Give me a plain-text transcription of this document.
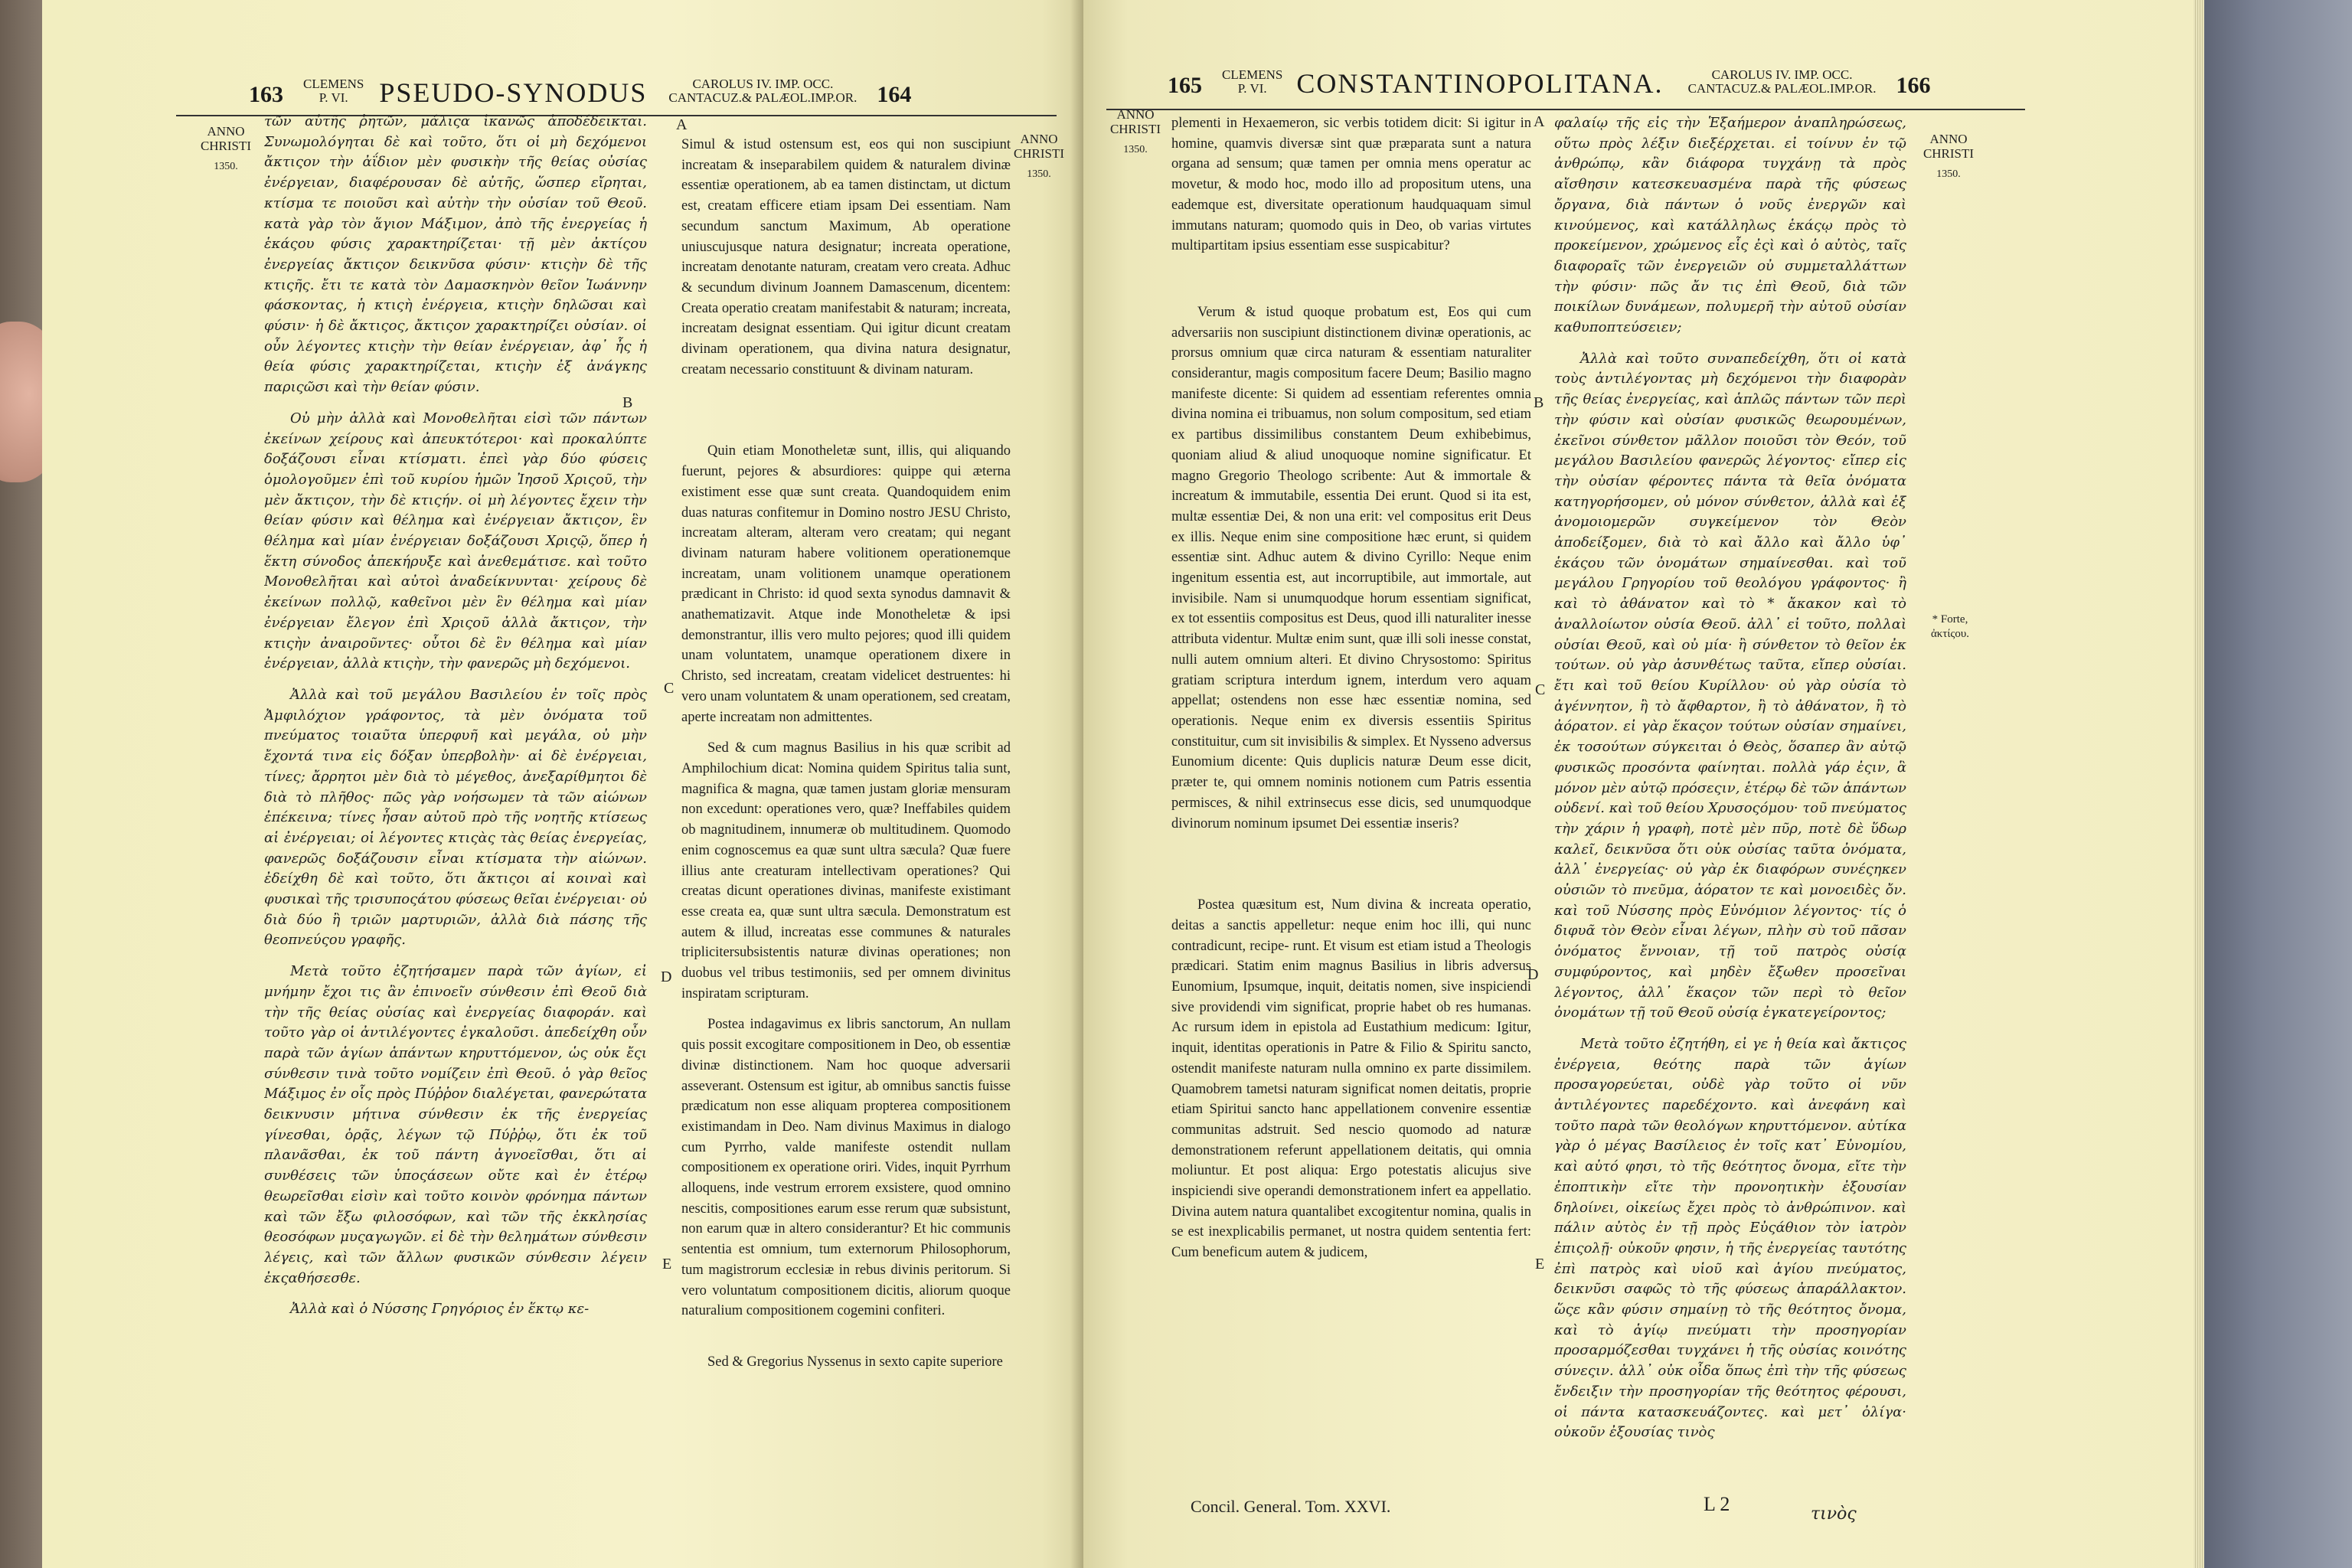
163 CLEMENS
P. VI. PSEUDO-SYNODUS	CAROLUS IV. IMP. OCC.
CANTACUZ.& PALÆOL.IMP.OR. 164
ANNO
CHRISTI
1350.
ANNO
CHRISTI
1350.

τῶν αὐτῆς ῥητῶν, μάλιςα ἱκανῶς ἀποδέδεικται. Συνωμολόγηται δὲ καὶ τοῦτο, ὅτι οἱ μὴ δεχόμενοι ἄκτιςον τὴν ἀΐδιον μὲν φυσικὴν τῆς θείας οὐσίας ἐνέργειαν, διαφέρουσαν δὲ αὐτῆς, ὥσπερ εἴρηται, κτίσμα τε ποιοῦσι καὶ αὐτὴν τὴν οὐσίαν τοῦ Θεοῦ. κατὰ γὰρ τὸν ἅγιον Μάξιμον, ἀπὸ τῆς ἐνεργείας ἡ ἑκάςου φύσις χαρακτηρίζεται· τῇ μὲν ἀκτίςου ἐνεργείας ἄκτιςον δεικνῦσα φύσιν· κτιςὴν δὲ τῆς κτιςῆς. ἔτι τε κατὰ τὸν Δαμασκηνὸν θεῖον Ἰωάννην φάσκοντας, ἡ κτιςὴ ἐνέργεια, κτιςὴν δηλῶσαι καὶ φύσιν· ἡ δὲ ἄκτιςος, ἄκτιςον χαρακτηρίζει οὐσίαν. οἱ οὖν λέγοντες κτιςὴν τὴν θείαν ἐνέργειαν, ἀφ᾽ ἧς ἡ θεία φύσις χαρακτηρίζεται, κτιςὴν ἐξ ἀνάγκης παριςῶσι καὶ τὴν θείαν φύσιν.

Οὐ μὴν ἀλλὰ καὶ Μονοθελῆται εἰσὶ τῶν πάντων ἐκείνων χείρους καὶ ἀπευκτότεροι· καὶ προκαλύπτε δοξάζουσι εἶναι κτίσματι. ἐπεὶ γὰρ δύο φύσεις ὁμολογοῦμεν ἐπὶ τοῦ κυρίου ἡμῶν Ἰησοῦ Χριςοῦ, τὴν μὲν ἄκτιςον, τὴν δὲ κτιςήν. οἱ μὴ λέγοντες ἔχειν τὴν θείαν φύσιν καὶ θέλημα καὶ ἐνέργειαν ἄκτιςον, ἓν θέλημα καὶ μίαν ἐνέργειαν δοξάζουσι Χριςῷ, ὅπερ ἡ ἕκτη σύνοδος ἀπεκήρυξε καὶ ἀνεθεμάτισε. καὶ τοῦτο Μονοθελῆται καὶ αὐτοὶ ἀναδείκνυνται· χείρους δὲ ἐκείνων πολλῷ, καθεῖνοι μὲν ἓν θέλημα καὶ μίαν ἐνέργειαν ἔλεγον ἐπὶ Χριςοῦ ἀλλὰ ἄκτιςον, τὴν κτιςὴν ἀναιροῦντες· οὗτοι δὲ ἓν θέλημα καὶ μίαν ἐνέργειαν, ἀλλὰ κτιςὴν, τὴν φανερῶς μὴ δεχόμενοι.

Ἀλλὰ καὶ τοῦ μεγάλου Βασιλείου ἐν τοῖς πρὸς Ἀμφιλόχιον γράφοντος, τὰ μὲν ὀνόματα τοῦ πνεύματος τοιαῦτα ὑπερφυῆ καὶ μεγάλα, οὐ μὴν ἔχοντά τινα εἰς δόξαν ὑπερβολὴν· αἱ δὲ ἐνέργειαι, τίνες; ἄρρητοι μὲν διὰ τὸ μέγεθος, ἀνεξαρίθμητοι δὲ διὰ τὸ πλῆθος· πῶς γὰρ νοήσωμεν τὰ τῶν αἰώνων ἐπέκεινα; τίνες ἦσαν αὐτοῦ πρὸ τῆς νοητῆς κτίσεως αἱ ἐνέργειαι; οἱ λέγοντες κτιςὰς τὰς θείας ἐνεργείας, φανερῶς δοξάζουσιν εἶναι κτίσματα τὴν αἰώνων. ἐδείχθη δὲ καὶ τοῦτο, ὅτι ἄκτιςοι αἱ κοιναὶ καὶ φυσικαὶ τῆς τρισυποςάτου φύσεως θεῖαι ἐνέργειαι· οὐ διὰ δύο ἢ τριῶν μαρτυριῶν, ἀλλὰ διὰ πάσης τῆς θεοπνεύςου γραφῆς.

Μετὰ τοῦτο ἐζητήσαμεν παρὰ τῶν ἁγίων, εἰ μνήμην ἔχοι τις ἂν ἐπινοεῖν σύνθεσιν ἐπὶ Θεοῦ διὰ τὴν τῆς θείας οὐσίας καὶ ἐνεργείας διαφοράν. καὶ τοῦτο γὰρ οἱ ἀντιλέγοντες ἐγκαλοῦσι. ἀπεδείχθη οὖν παρὰ τῶν ἁγίων ἁπάντων κηρυττόμενον, ὡς οὐκ ἔςι σύνθεσιν τινὰ τοῦτο νομίζειν ἐπὶ Θεοῦ. ὁ γὰρ θεῖος Μάξιμος ἐν οἷς πρὸς Πύῤῥον διαλέγεται, φανερώτατα δεικνυσιν μήτινα σύνθεσιν ἐκ τῆς ἐνεργείας γίνεσθαι, ὁρᾷς, λέγων τῷ Πύῤῥῳ, ὅτι ἐκ τοῦ πλανᾶσθαι, ἐκ τοῦ πάντη ἀγνοεῖσθαι, ὅτι αἱ συνθέσεις τῶν ὑποςάσεων οὔτε καὶ ἐν ἑτέρῳ θεωρεῖσθαι εἰσὶν καὶ τοῦτο κοινὸν φρόνημα πάντων καὶ τῶν ἔξω φιλοσόφων, καὶ τῶν τῆς ἐκκλησίας θεοσόφων μυςαγωγῶν. εἰ δὲ τὴν θελημάτων σύνθεσιν λέγεις, καὶ τῶν ἄλλων φυσικῶν σύνθεσιν λέγειν ἐκςαθήσεσθε.

Ἀλλὰ καὶ ὁ Νύσσης Γρηγόριος ἐν ἕκτῳ κε-

A
B
C
D
E

Simul & istud ostensum est, eos qui non suscipiunt increatam & inseparabilem quidem & naturalem divinæ essentiæ operationem, ab ea tamen distinctam, ut dictum est, creatam efficere etiam ipsam Dei essentiam. Nam secundum sanctum Maximum, Ab operatione uniuscujusque natura designatur; increata operatione, increatam denotante naturam, creatam vero creata. Adhuc & secundum divinum Joannem Damascenum, dicentem: Creata operatio creatam manifestabit & naturam; increata, increatam designat essentiam. Qui igitur dicunt creatam divinam operationem, qua divina natura designatur, creatam necessario constituunt & divinam naturam.

Quin etiam Monotheletæ sunt, illis, qui aliquando fuerunt, pejores & absurdiores: quippe qui æterna existiment esse quæ sunt creata. Quandoquidem enim duas naturas confitemur in Domino nostro JESU Christo, increatam alteram, alteram vero creatam; qui negant divinam naturam habere volitionem operationemque increatam, unam volitionem unamque operationem prædicant in Christo: id quod sexta synodus damnavit & anathematizavit. Atque inde Monotheletæ & ipsi demonstrantur, illis vero multo pejores; quod illi quidem unam voluntatem, unamque operationem dixere in Christo, sed increatam, creatam videlicet destruentes: hi vero unam voluntatem & unam operationem, sed creatam, aperte increatam non admittentes.

Sed & cum magnus Basilius in his quæ scribit ad Amphilochium dicat: Nomina quidem Spiritus talia sunt, magnifica & magna, quæ tamen justam gloriæ mensuram non excedunt: operationes vero, quæ? Ineffabiles quidem ob magnitudinem, innumeræ ob multitudinem. Quomodo enim cognoscemus ea quæ sunt ultra sæcula? Quæ fuere illius ante creaturam intellectivam operationes? Qui creatas dicunt operationes divinas, manifeste existimant esse creata ea, quæ sunt ultra sæcula. Demonstratum est autem & illud, increatas esse communes & naturales triplicitersubsistentis naturæ divinas operationes; non duobus vel tribus testimoniis, sed per omnem divinitus inspiratam scripturam.

Postea indagavimus ex libris sanctorum, An nullam quis possit excogitare compositionem in Deo, ob essentiæ divinæ distinctionem. Nam hoc quoque adversarii asseverant. Ostensum est igitur, ab omnibus sanctis fuisse prædicatum non esse aliquam propterea compositionem existimandam in Deo. Nam divinus Maximus in dialogo cum Pyrrho, valde manifeste ostendit nullam compositionem ex operatione oriri. Vides, inquit Pyrrhum alloquens, inde vestrum errorem exsistere, quod omnino nescitis, compositiones earum esse rerum quæ subsistunt, non earum quæ in altero considerantur? Et hic communis sententia est omnium, tum externorum Philosophorum, tum magistrorum ecclesiæ in rebus divinis peritorum. Si vero voluntatum compositionem dicitis, aliorum quoque naturalium compositionem cogemini confiteri.

Sed & Gregorius Nyssenus in sexto capite superiore

165 CLEMENS
P. VI. CONSTANTINOPOLITANA.	CAROLUS IV. IMP. OCC.
CANTACUZ.& PALÆOL.IMP.OR. 166
ANNO
CHRISTI
1350.
ANNO
CHRISTI
1350.
* Forte, ἀκτίςου.

plementi in Hexaemeron, sic verbis totidem dicit: Si igitur in homine, quamvis diversæ sint quæ præparata sunt a natura organa ad sensum; quæ tamen per omnia mens operatur ac movetur, & modo hoc, modo illo ad propositum utens, una eademque est, diversitate operationum haudquaquam simul immutans naturam; quomodo quis in Deo, ob varias virtutes multipartitam ipsius essentiam esse suspicabitur?

Verum & istud quoque probatum est, Eos qui cum adversariis non suscipiunt distinctionem divinæ operationis, ac prorsus omnium quæ circa naturam & essentiam naturaliter considerantur, magis compositum facere Deum; Basilio magno manifeste dicente: Si quidem ad essentiam referentes omnia divina nomina ei tribuamus, non solum compositum, sed etiam ex partibus dissimilibus constantem Deum exhibebimus, quoniam aliud & aliud unoquoque nomine significatur. Et magno Gregorio Theologo scribente: Aut & immortale & increatum & immutabile, essentia Dei erunt. Quod si ita est, multæ essentiæ Dei, & non una erit: vel compositus erit Deus ex illis. Neque enim sine compositione hæc erunt, si quidem essentiæ sint. Adhuc autem & divino Cyrillo: Neque enim ingenitum essentia est, aut incorruptibile, aut immortale, aut invisibile. Nam si unumquodque horum essentiam significat, ex tot essentiis compositus est Deus, quod illi naturaliter inesse attributa videntur. Multæ enim sunt, quæ illi soli inesse constat, nulli autem omnium alteri. Et divino Chrysostomo: Spiritus gratiam scriptura interdum ignem, interdum vero aquam appellat; ostendens non esse hæc essentiæ nomina, sed operationis. Neque enim ex diversis essentiis Spiritus constituitur, cum sit invisibilis & simplex. Et Nysseno adversus Eunomium dicente: Quis duplicis naturæ Deum esse dicit, præter te, qui omnem nominis notionem cum Patris essentia permisces, & nihil extrinsecus esse dicis, sed unumquodque divinorum nominum ipsumet Dei essentiæ inseris?

Postea quæsitum est, Num divina & increata operatio, deitas a sanctis appelletur: neque enim hoc illi, qui nunc contradicunt, recipe- runt. Et visum est etiam istud a Theologis prædicari. Statim enim magnus Basilius in libris adversus Eunomium, Ipsumque, inquit, deitatis nomen, sive inspiciendi sive providendi vim significat, proprie habet ob res humanas. Ac rursum idem in epistola ad Eustathium medicum: Igitur, inquit, identitas operationis in Patre & Filio & Spiritu sancto, ostendit manifeste naturam nulla omnino ex parte dissimilem. Quamobrem tametsi naturam significat nomen deitatis, proprie etiam Spiritui sancto hanc appellationem convenire essentiæ communitas adstruit. Sed nescio quomodo ad naturæ demonstrationem referunt appellationem deitatis, qui omnia moliuntur. Et post aliqua: Ergo potestatis alicujus sive inspiciendi sive operandi demonstrationem infert ea appellatio. Divina autem natura quantalibet excogitentur nomina, qualis in se est inexplicabilis permanet, ut nostra quidem sententia fert: Cum beneficum autem & judicem,

A
B
C
D
E

φαλαίῳ τῆς εἰς τὴν Ἑξαήμερον ἀναπληρώσεως, οὕτω πρὸς λέξιν διεξέρχεται. εἰ τοίνυν ἐν τῷ ἀνθρώπῳ, κἂν διάφορα τυγχάνῃ τὰ πρὸς αἴσθησιν κατεσκευασμένα παρὰ τῆς φύσεως ὄργανα, διὰ πάντων ὁ νοῦς ἐνεργῶν καὶ κινούμενος, καὶ κατάλληλως ἑκάςῳ πρὸς τὸ προκείμενον, χρώμενος εἷς ἐςὶ καὶ ὁ αὐτὸς, ταῖς διαφοραῖς τῶν ἐνεργειῶν οὐ συμμεταλλάττων τὴν φύσιν· πῶς ἄν τις ἐπὶ Θεοῦ, διὰ τῶν ποικίλων δυνάμεων, πολυμερῆ τὴν αὐτοῦ οὐσίαν καθυποπτεύσειεν;

Ἀλλὰ καὶ τοῦτο συναπεδείχθη, ὅτι οἱ κατὰ τοὺς ἀντιλέγοντας μὴ δεχόμενοι τὴν διαφορὰν τῆς θείας ἐνεργείας, καὶ ἁπλῶς πάντων τῶν περὶ τὴν φύσιν καὶ οὐσίαν φυσικῶς θεωρουμένων, ἐκεῖνοι σύνθετον μᾶλλον ποιοῦσι τὸν Θεόν, τοῦ μεγάλου Βασιλείου φανερῶς λέγοντος· εἴπερ εἰς τὴν οὐσίαν φέροντες πάντα τὰ θεῖα ὀνόματα κατηγορήσομεν, οὐ μόνον σύνθετον, ἀλλὰ καὶ ἐξ ἀνομοιομερῶν συγκείμενον τὸν Θεὸν ἀποδείξομεν, διὰ τὸ καὶ ἄλλο καὶ ἄλλο ὑφ᾽ ἑκάςου τῶν ὀνομάτων σημαίνεσθαι. καὶ τοῦ μεγάλου Γρηγορίου τοῦ θεολόγου γράφοντος· ἢ καὶ τὸ ἀθάνατον καὶ τὸ * ἄκακον καὶ τὸ ἀναλλοίωτον οὐσία Θεοῦ. ἀλλ᾽ εἰ τοῦτο, πολλαὶ οὐσίαι Θεοῦ, καὶ οὐ μία· ἢ σύνθετον τὸ θεῖον ἐκ τούτων. οὐ γὰρ ἀσυνθέτως ταῦτα, εἴπερ οὐσίαι. ἔτι καὶ τοῦ θείου Κυρίλλου· οὐ γὰρ οὐσία τὸ ἀγέννητον, ἢ τὸ ἄφθαρτον, ἢ τὸ ἀθάνατον, ἢ τὸ ἀόρατον. εἰ γὰρ ἕκαςον τούτων οὐσίαν σημαίνει, ἐκ τοσούτων σύγκειται ὁ Θεὸς, ὅσαπερ ἂν αὐτῷ φυσικῶς προσόντα φαίνηται. πολλὰ γάρ ἐςιν, ἃ μόνον μὲν αὐτῷ πρόσεςιν, ἑτέρῳ δὲ τῶν ἁπάντων οὐδενί. καὶ τοῦ θείου Χρυσοςόμου· τοῦ πνεύματος τὴν χάριν ἡ γραφὴ, ποτὲ μὲν πῦρ, ποτὲ δὲ ὕδωρ καλεῖ, δεικνῦσα ὅτι οὐκ οὐσίας ταῦτα ὀνόματα, ἀλλ᾽ ἐνεργείας· οὐ γὰρ ἐκ διαφόρων συνέςηκεν οὐσιῶν τὸ πνεῦμα, ἀόρατον τε καὶ μονοειδὲς ὄν. καὶ τοῦ Νύσσης πρὸς Εὐνόμιον λέγοντος· τίς ὁ διφυᾶ τὸν Θεὸν εἶναι λέγων, πλὴν σὺ τοῦ πᾶσαν ὀνόματος ἔννοιαν, τῇ τοῦ πατρὸς οὐσίᾳ συμφύροντος, καὶ μηδὲν ἔξωθεν προσεῖναι λέγοντος, ἀλλ᾽ ἕκαςον τῶν περὶ τὸ θεῖον ὀνομάτων τῇ τοῦ Θεοῦ οὐσίᾳ ἐγκατεγείροντος;

Μετὰ τοῦτο ἐζητήθη, εἰ γε ἡ θεία καὶ ἄκτιςος ἐνέργεια, θεότης παρὰ τῶν ἁγίων προσαγορεύεται, οὐδὲ γὰρ τοῦτο οἱ νῦν ἀντιλέγοντες παρεδέχοντο. καὶ ἀνεφάνη καὶ τοῦτο παρὰ τῶν θεολόγων κηρυττόμενον. αὐτίκα γὰρ ὁ μέγας Βασίλειος ἐν τοῖς κατ᾽ Εὐνομίου, καὶ αὐτό φησι, τὸ τῆς θεότητος ὄνομα, εἴτε τὴν ἐποπτικὴν εἴτε τὴν προνοητικὴν ἐξουσίαν δηλοίνει, οἰκείως ἔχει πρὸς τὸ ἀνθρώπινον. καὶ πάλιν αὐτὸς ἐν τῇ πρὸς Εὐςάθιον τὸν ἰατρὸν ἐπιςολῇ· οὐκοῦν φησιν, ἡ τῆς ἐνεργείας ταυτότης ἐπὶ πατρὸς καὶ υἱοῦ καὶ ἁγίου πνεύματος, δεικνῦσι σαφῶς τὸ τῆς φύσεως ἀπαράλλακτον. ὥςε κἂν φύσιν σημαίνῃ τὸ τῆς θεότητος ὄνομα, καὶ τὸ ἁγίῳ πνεύματι τὴν προσηγορίαν προσαρμόζεσθαι τυγχάνει ἡ τῆς οὐσίας κοινότης σύνεςιν. ἀλλ᾽ οὐκ οἶδα ὅπως ἐπὶ τὴν τῆς φύσεως ἔνδειξιν τὴν προσηγορίαν τῆς θεότητος φέρουσι, οἱ πάντα κατασκευάζοντες. καὶ μετ᾽ ὀλίγα· οὐκοῦν ἐξουσίας τινὸς

Concil. General. Tom. XXVI.	L 2	τινὸς
